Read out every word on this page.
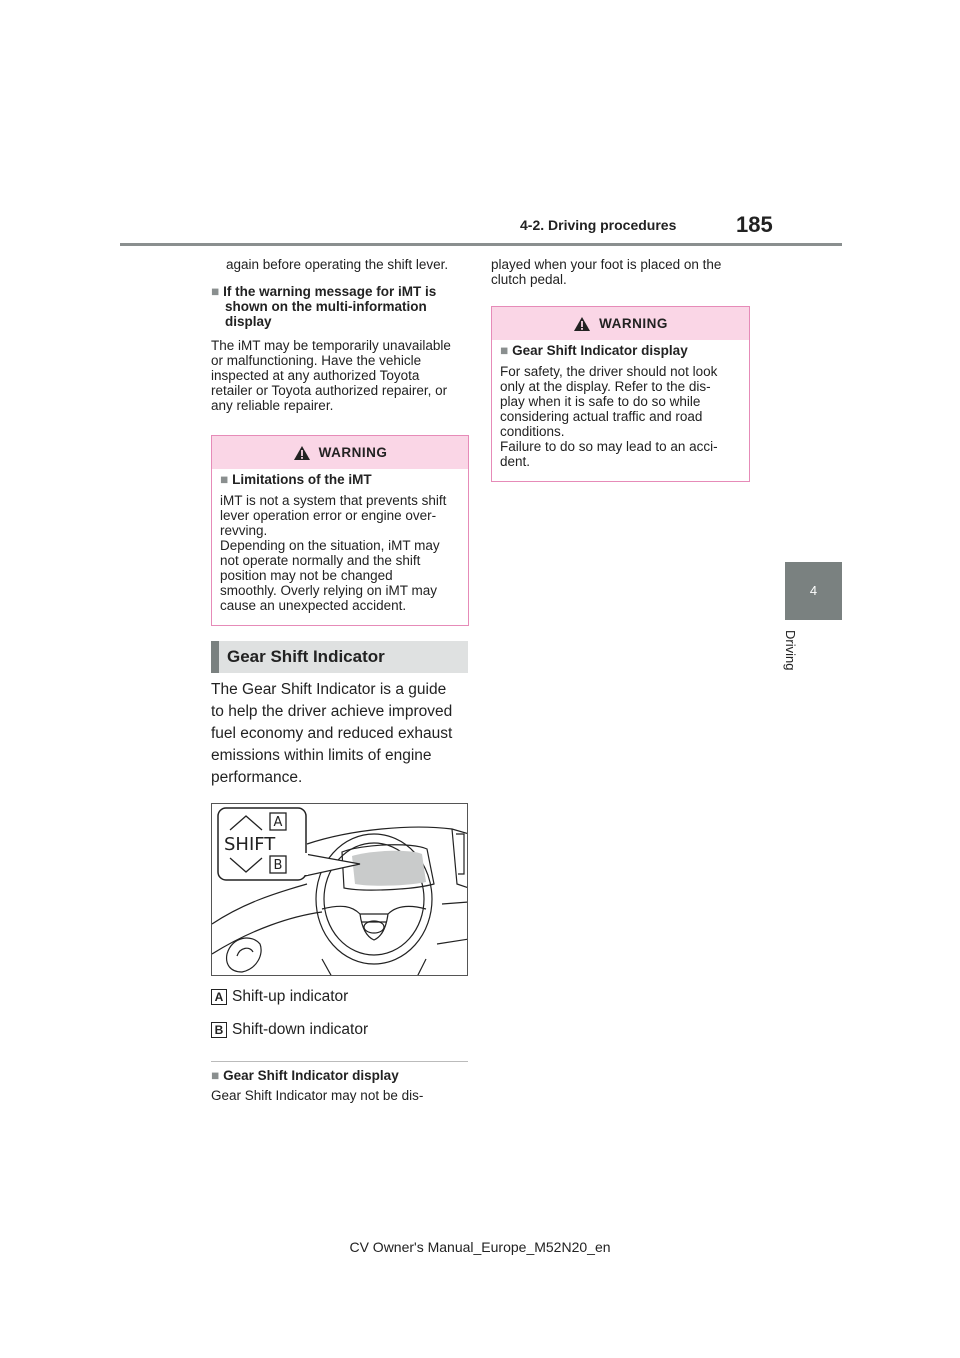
4-2. Driving procedures	185
4
Driving
again before operating the shift lever.
■ If the warning message for iMT is
shown on the multi-information
display
The iMT may be temporarily unavailable
or malfunctioning. Have the vehicle
inspected at any authorized Toyota
retailer or Toyota authorized repairer, or
any reliable repairer.
WARNING
■ Limitations of the iMT
iMT is not a system that prevents shift
lever operation error or engine over-
revving.
Depending on the situation, iMT may
not operate normally and the shift
position may not be changed
smoothly. Overly relying on iMT may
cause an unexpected accident.
Gear Shift Indicator
The Gear Shift Indicator is a guide
to help the driver achieve improved
fuel economy and reduced exhaust
emissions within limits of engine
performance.
A
B
SHIFT
A Shift-up indicator
B Shift-down indicator
■ Gear Shift Indicator display
Gear Shift Indicator may not be dis-
played when your foot is placed on the
clutch pedal.
WARNING
■ Gear Shift Indicator display
For safety, the driver should not look
only at the display. Refer to the dis-
play when it is safe to do so while
considering actual traffic and road
conditions.
Failure to do so may lead to an acci-
dent.
CV Owner's Manual_Europe_M52N20_en
